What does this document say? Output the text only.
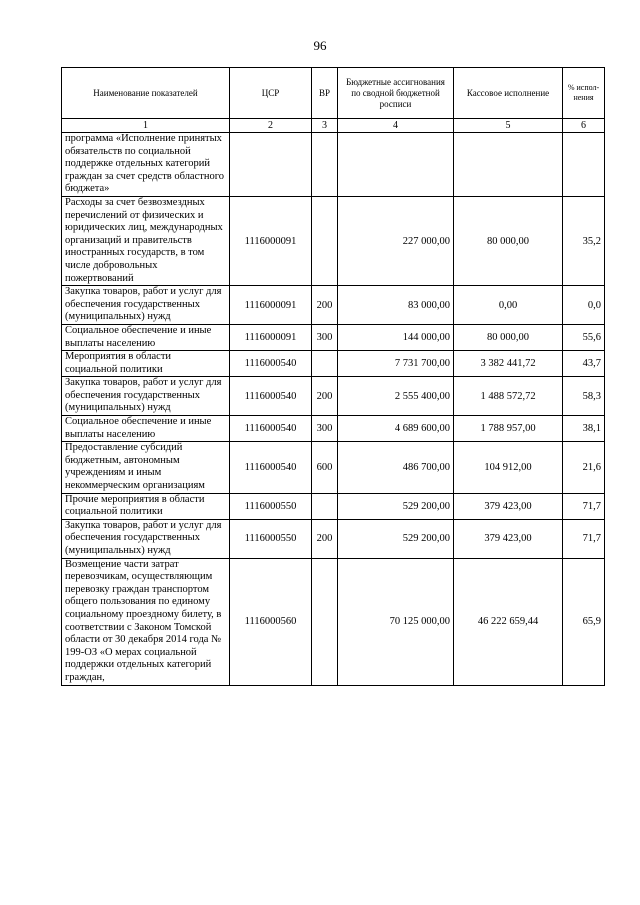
96
Наименование показателей	ЦСР	ВР	Бюджетные ассигнования по сводной бюджетной росписи	Кассовое исполнение	% испол-нения
1	2	3	4	5	6
программа «Исполнение принятых обязательств по социальной поддержке отдельных категорий граждан за счет средств областного бюджета»					
Расходы за счет безвозмездных перечислений от физических и юридических лиц, международных организаций и правительств иностранных государств, в том числе добровольных пожертвований	1116000091		227 000,00	80 000,00	35,2
Закупка товаров, работ и услуг для обеспечения государственных (муниципальных) нужд	1116000091	200	83 000,00	0,00	0,0
Социальное обеспечение и иные выплаты населению	1116000091	300	144 000,00	80 000,00	55,6
Мероприятия в области социальной политики	1116000540		7 731 700,00	3 382 441,72	43,7
Закупка товаров, работ и услуг для обеспечения государственных (муниципальных) нужд	1116000540	200	2 555 400,00	1 488 572,72	58,3
Социальное обеспечение и иные выплаты населению	1116000540	300	4 689 600,00	1 788 957,00	38,1
Предоставление субсидий бюджетным, автономным учреждениям и иным некоммерческим организациям	1116000540	600	486 700,00	104 912,00	21,6
Прочие мероприятия в области социальной политики	1116000550		529 200,00	379 423,00	71,7
Закупка товаров, работ и услуг для обеспечения государственных (муниципальных) нужд	1116000550	200	529 200,00	379 423,00	71,7
Возмещение части затрат перевозчикам, осуществляющим перевозку граждан транспортом общего пользования по единому социальному проездному билету, в соответствии с Законом Томской области от 30 декабря 2014 года № 199-ОЗ «О мерах социальной поддержки отдельных категорий граждан,	1116000560		70 125 000,00	46 222 659,44	65,9
